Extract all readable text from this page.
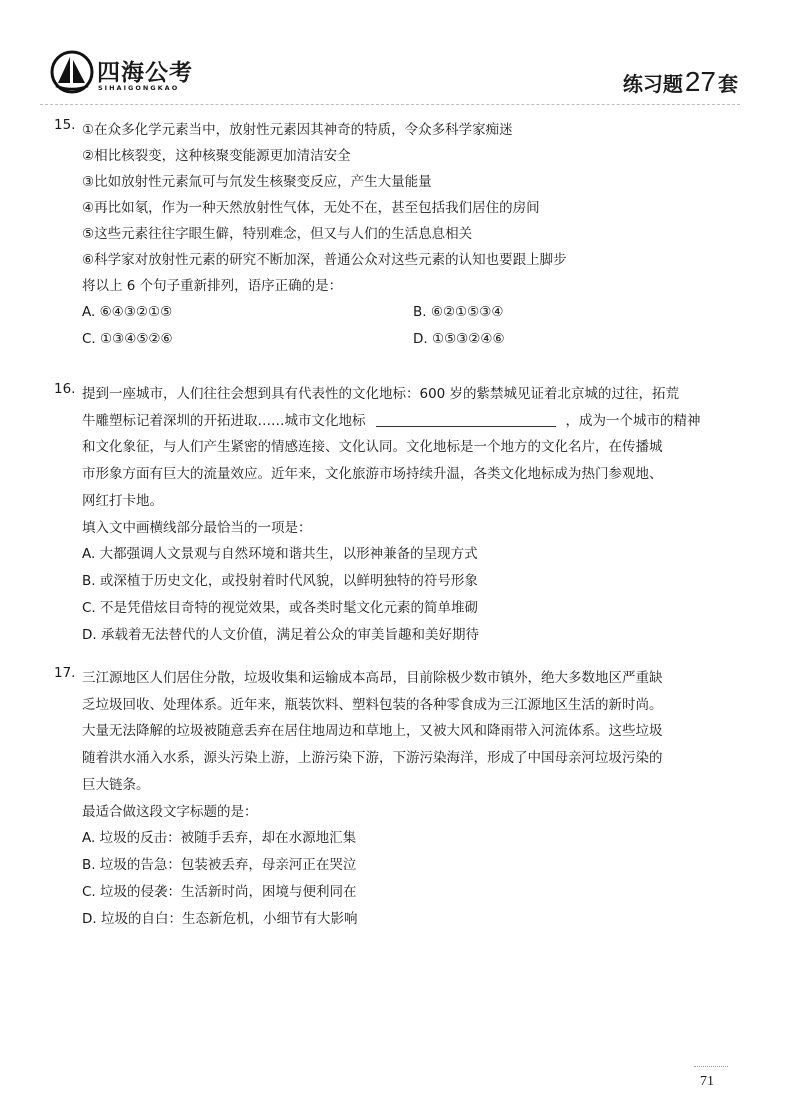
四海公考
SIHAIGONGKAO	练习题27 套
15. ①在众多化学元素当中，放射性元素因其神奇的特质，令众多科学家痴迷
②相比核裂变，这种核聚变能源更加清洁安全
③比如放射性元素氚可与氘发生核聚变反应，产生大量能量
④再比如氡，作为一种天然放射性气体，无处不在，甚至包括我们居住的房间
⑤这些元素往往字眼生僻，特别难念，但又与人们的生活息息相关
⑥科学家对放射性元素的研究不断加深，普通公众对这些元素的认知也要跟上脚步
将以上 6 个句子重新排列，语序正确的是：
A. ⑥④③②①⑤	B. ⑥②①⑤③④
C. ①③④⑤②⑥	D. ①⑤③②④⑥
16. 提到一座城市，人们往往会想到具有代表性的文化地标：600 岁的紫禁城见证着北京城的过往，拓荒
牛雕塑标记着深圳的开拓进取……城市文化地标	，成为一个城市的精神
和文化象征，与人们产生紧密的情感连接、文化认同。文化地标是一个地方的文化名片，在传播城
市形象方面有巨大的流量效应。近年来，文化旅游市场持续升温，各类文化地标成为热门参观地、
网红打卡地。
填入文中画横线部分最恰当的一项是：
A. 大都强调人文景观与自然环境和谐共生，以形神兼备的呈现方式
B. 或深植于历史文化，或投射着时代风貌，以鲜明独特的符号形象
C. 不是凭借炫目奇特的视觉效果，或各类时髦文化元素的简单堆砌
D. 承载着无法替代的人文价值，满足着公众的审美旨趣和美好期待
17. 三江源地区人们居住分散，垃圾收集和运输成本高昂，目前除极少数市镇外，绝大多数地区严重缺
乏垃圾回收、处理体系。近年来，瓶装饮料、塑料包装的各种零食成为三江源地区生活的新时尚。
大量无法降解的垃圾被随意丢弃在居住地周边和草地上，又被大风和降雨带入河流体系。这些垃圾
随着洪水涌入水系，源头污染上游，上游污染下游，下游污染海洋，形成了中国母亲河垃圾污染的
巨大链条。
最适合做这段文字标题的是：
A. 垃圾的反击：被随手丢弃，却在水源地汇集
B. 垃圾的告急：包装被丢弃，母亲河正在哭泣
C. 垃圾的侵袭：生活新时尚，困境与便利同在
D. 垃圾的自白：生态新危机，小细节有大影响
71
